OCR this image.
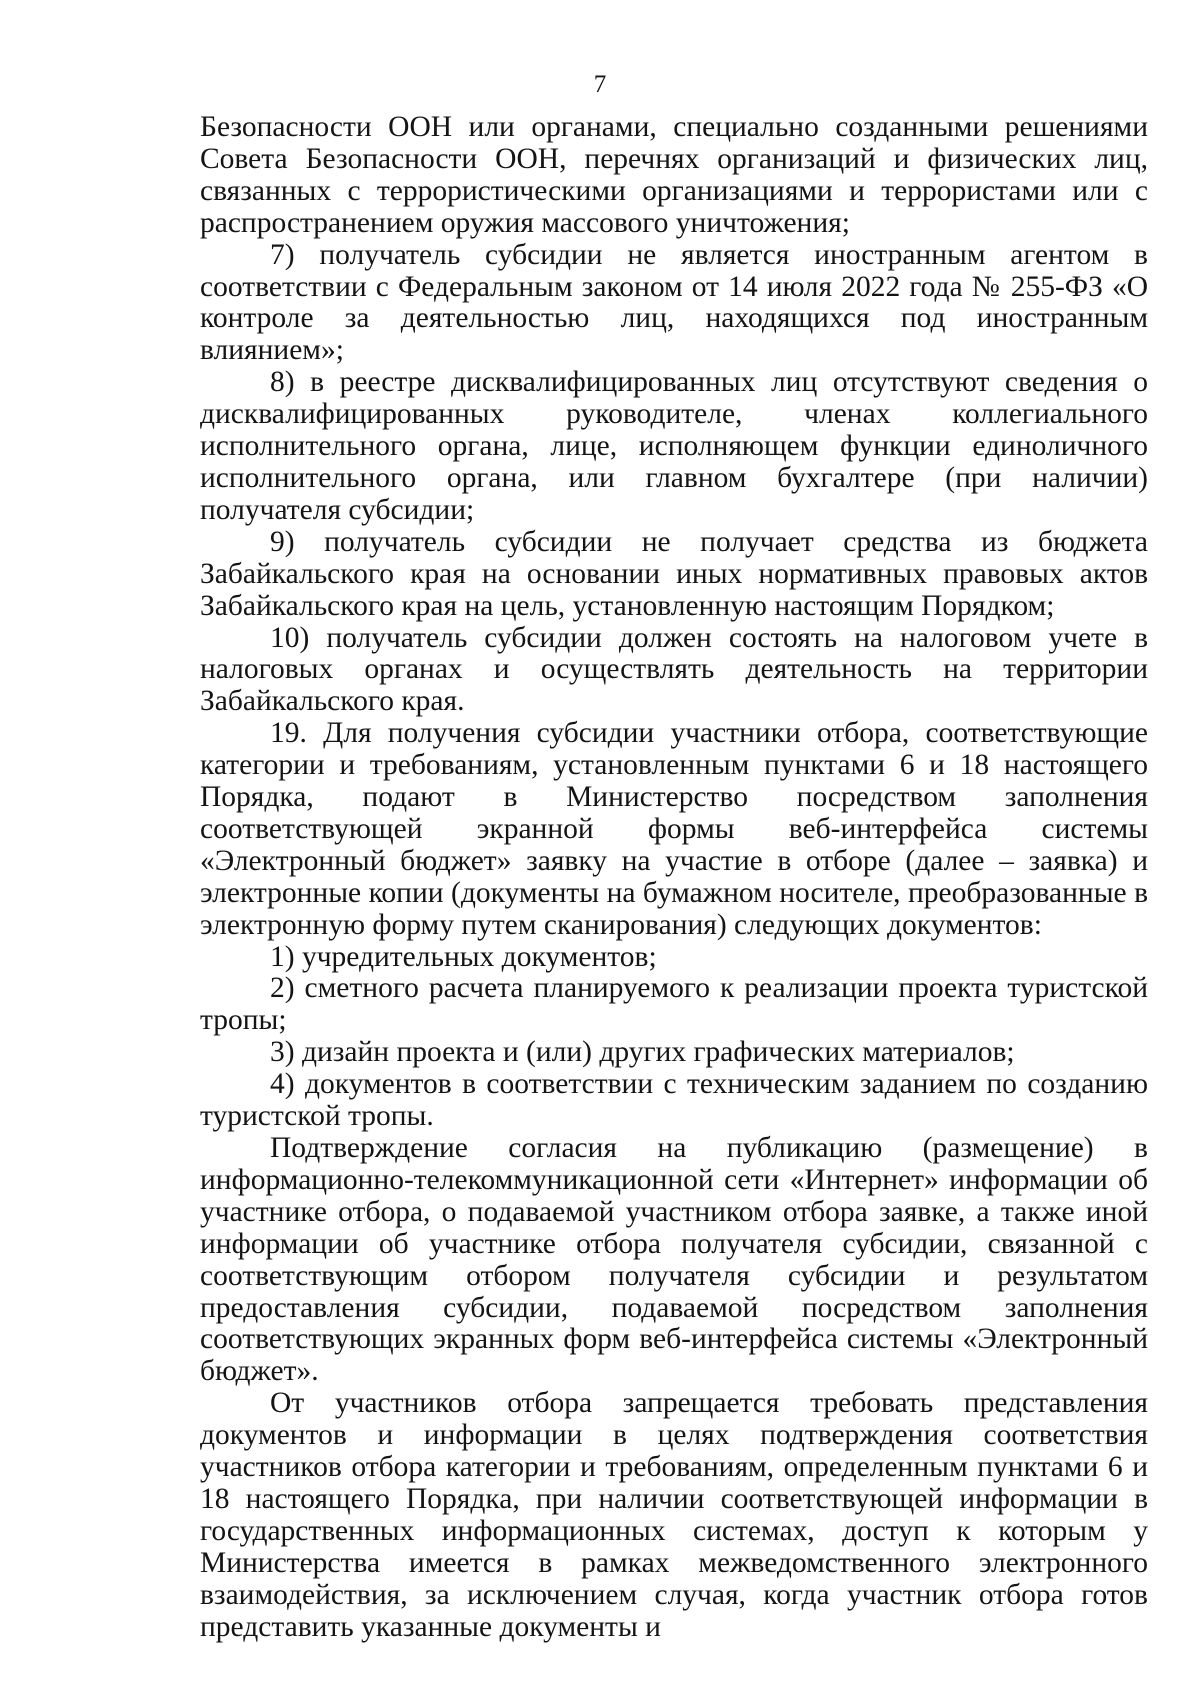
7

Безопасности ООН или органами, специально созданными решениями Совета Безопасности ООН, перечнях организаций и физических лиц, связанных с террористическими организациями и террористами или с распространением оружия массового уничтожения;

7) получатель субсидии не является иностранным агентом в соответствии с Федеральным законом от 14 июля 2022 года № 255-ФЗ «О контроле за деятельностью лиц, находящихся под иностранным влиянием»;

8) в реестре дисквалифицированных лиц отсутствуют сведения о дисквалифицированных руководителе, членах коллегиального исполнительного органа, лице, исполняющем функции единоличного исполнительного органа, или главном бухгалтере (при наличии) получателя субсидии;

9) получатель субсидии не получает средства из бюджета Забайкальского края на основании иных нормативных правовых актов Забайкальского края на цель, установленную настоящим Порядком;

10) получатель субсидии должен состоять на налоговом учете в налоговых органах и осуществлять деятельность на территории Забайкальского края.

19. Для получения субсидии участники отбора, соответствующие категории и требованиям, установленным пунктами 6 и 18 настоящего Порядка, подают в Министерство посредством заполнения соответствующей экранной формы веб-интерфейса системы «Электронный бюджет» заявку на участие в отборе (далее – заявка) и электронные копии (документы на бумажном носителе, преобразованные в электронную форму путем сканирования) следующих документов:

1) учредительных документов;

2) сметного расчета планируемого к реализации проекта туристской тропы;

3) дизайн проекта и (или) других графических материалов;

4) документов в соответствии с техническим заданием по созданию туристской тропы.

Подтверждение согласия на публикацию (размещение) в информационно-телекоммуникационной сети «Интернет» информации об участнике отбора, о подаваемой участником отбора заявке, а также иной информации об участнике отбора получателя субсидии, связанной с соответствующим отбором получателя субсидии и результатом предоставления субсидии, подаваемой посредством заполнения соответствующих экранных форм веб-интерфейса системы «Электронный бюджет».

От участников отбора запрещается требовать представления документов и информации в целях подтверждения соответствия участников отбора категории и требованиям, определенным пунктами 6 и 18 настоящего Порядка, при наличии соответствующей информации в государственных информационных системах, доступ к которым у Министерства имеется в рамках межведомственного электронного взаимодействия, за исключением случая, когда участник отбора готов представить указанные документы и
